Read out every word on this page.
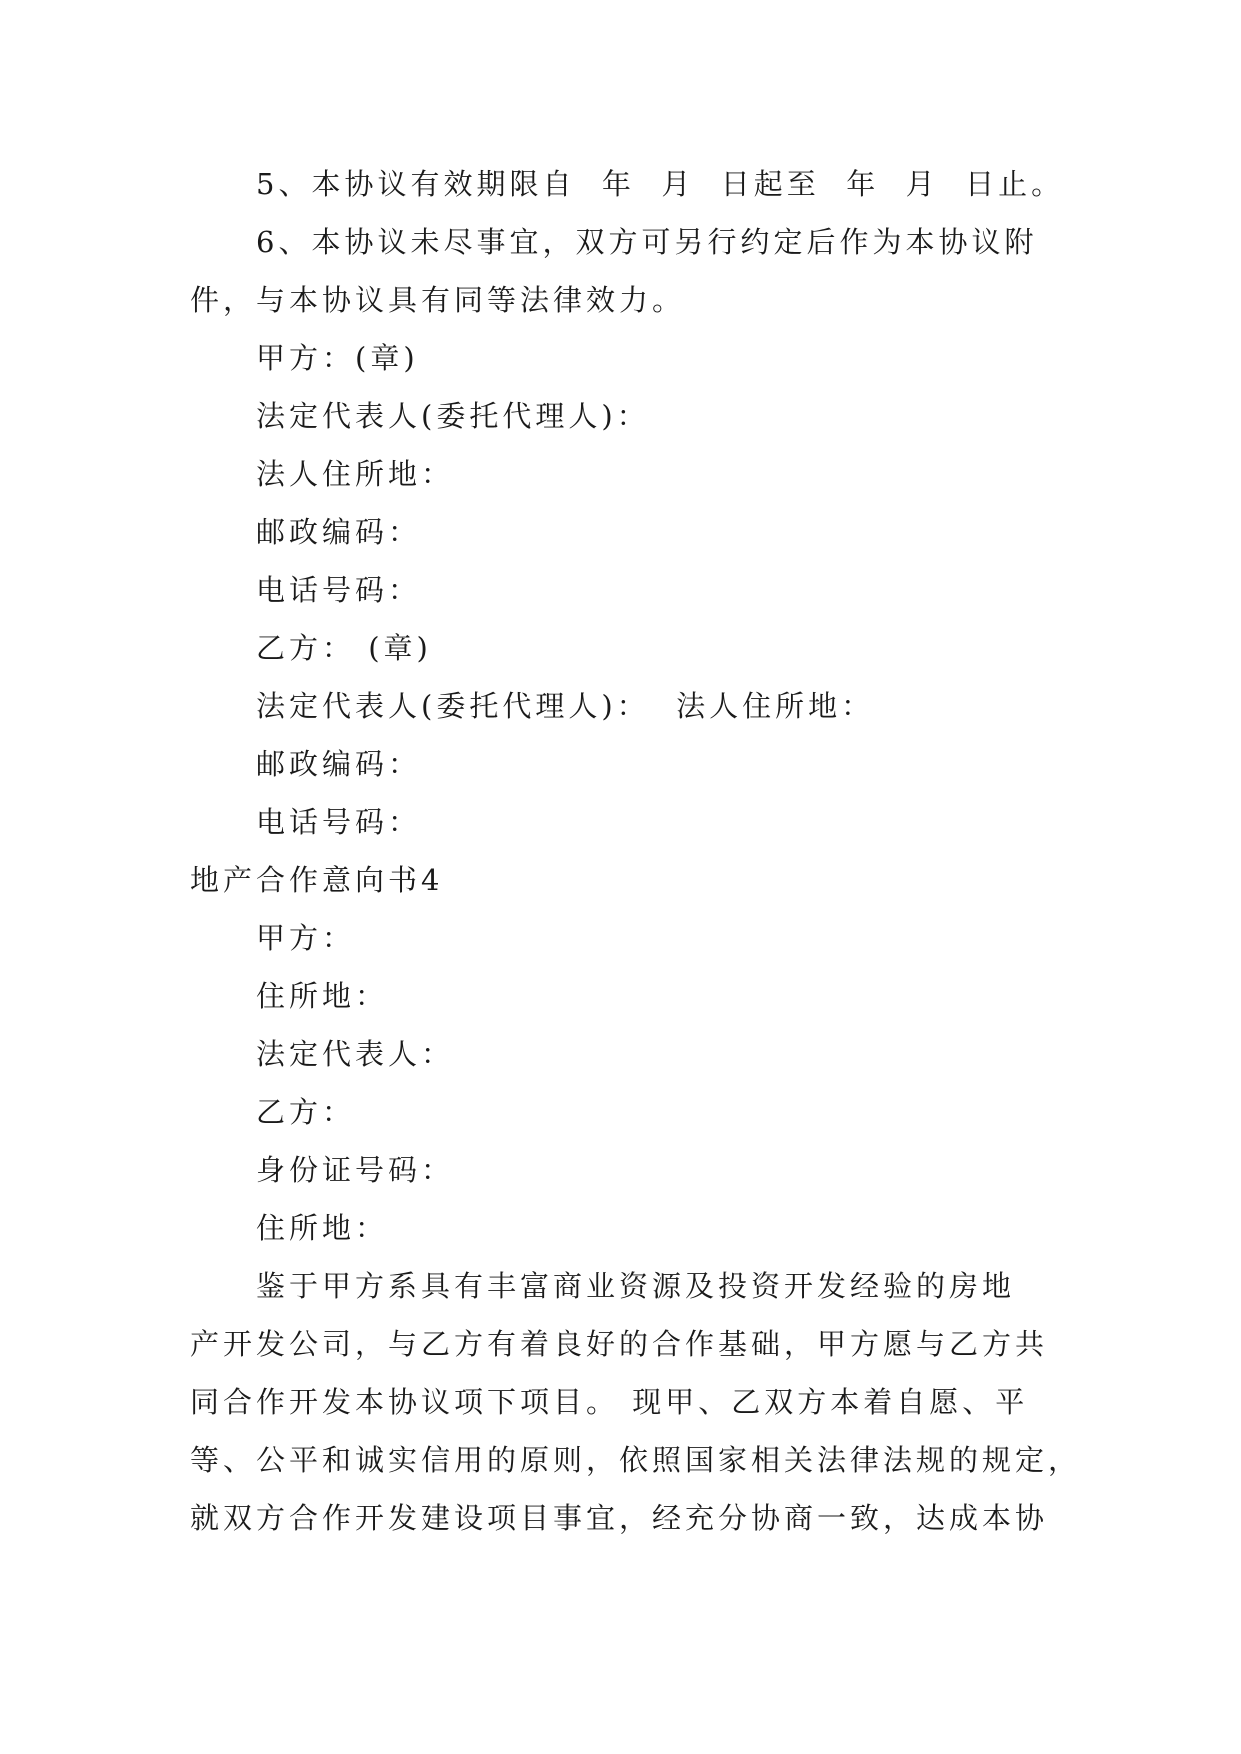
5、本协议有效期限自  年  月  日起至  年  月  日止。
6、本协议未尽事宜，双方可另行约定后作为本协议附
件，与本协议具有同等法律效力。
甲方：(章)
法定代表人(委托代理人)：
法人住所地：
邮政编码：
电话号码：
乙方： (章)
法定代表人(委托代理人)：  法人住所地：
邮政编码：
电话号码：
地产合作意向书4
甲方：
住所地：
法定代表人：
乙方：
身份证号码：
住所地：
鉴于甲方系具有丰富商业资源及投资开发经验的房地
产开发公司，与乙方有着良好的合作基础，甲方愿与乙方共
同合作开发本协议项下项目。 现甲、乙双方本着自愿、平
等、公平和诚实信用的原则，依照国家相关法律法规的规定，
就双方合作开发建设项目事宜，经充分协商一致，达成本协
